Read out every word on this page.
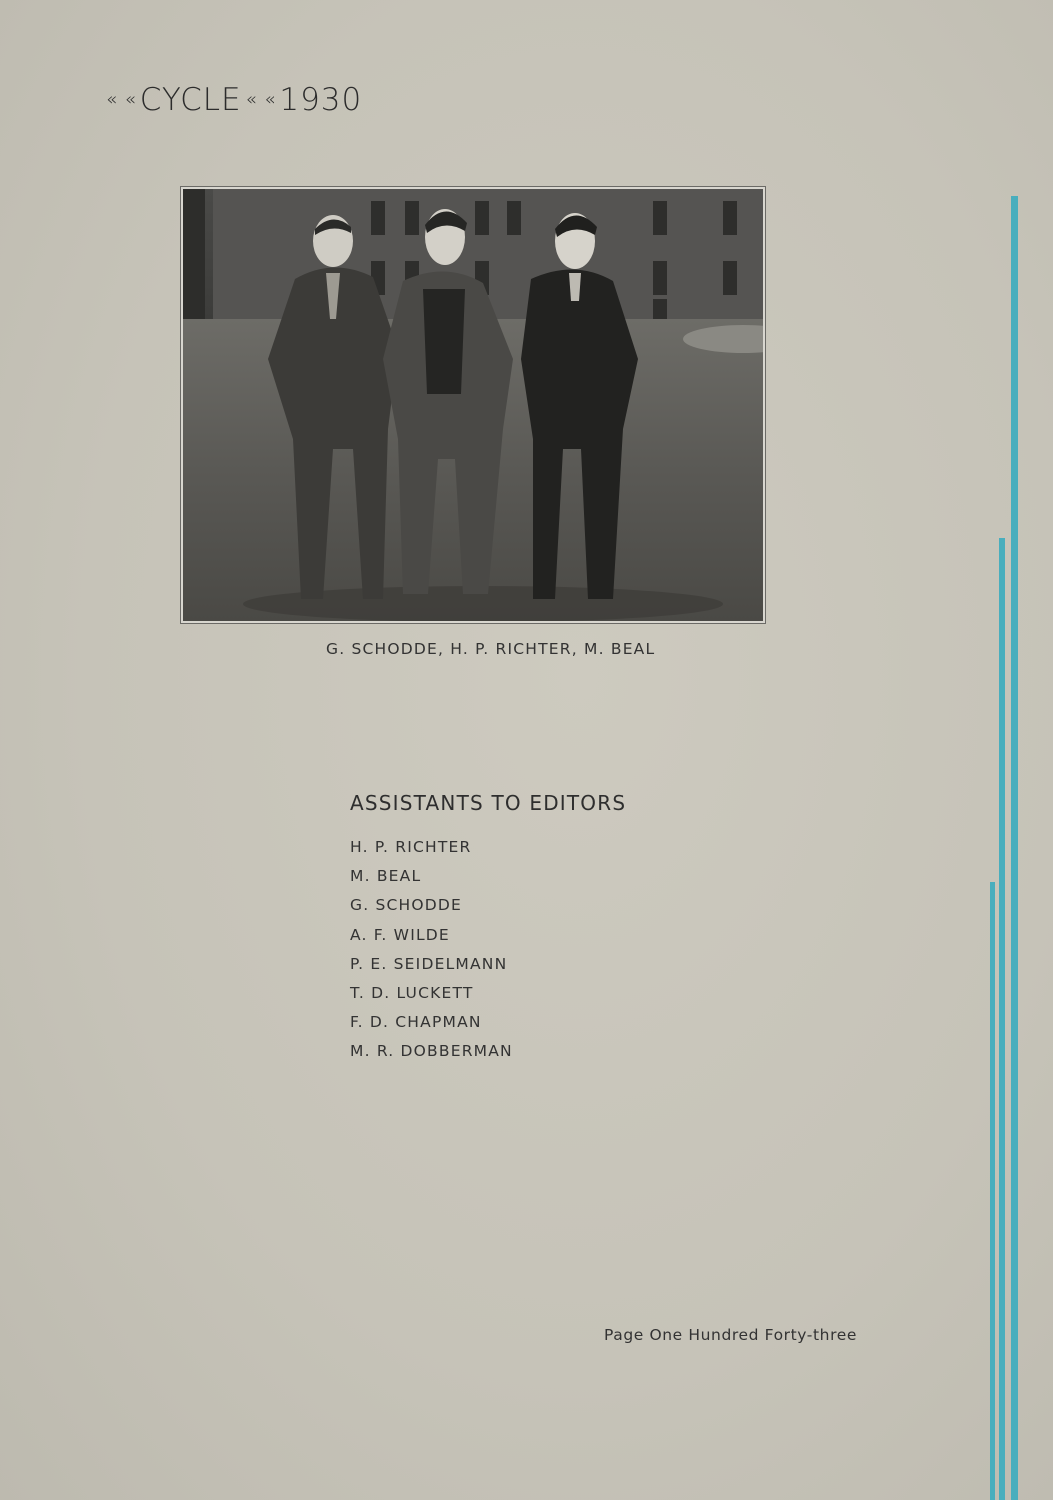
« «CYCLE « «1930
G. SCHODDE, H. P. RICHTER, M. BEAL
ASSISTANTS TO EDITORS
H. P. RICHTER
M. BEAL
G. SCHODDE
A. F. WILDE
P. E. SEIDELMANN
T. D. LUCKETT
F. D. CHAPMAN
M. R. DOBBERMAN
Page One Hundred Forty-three
